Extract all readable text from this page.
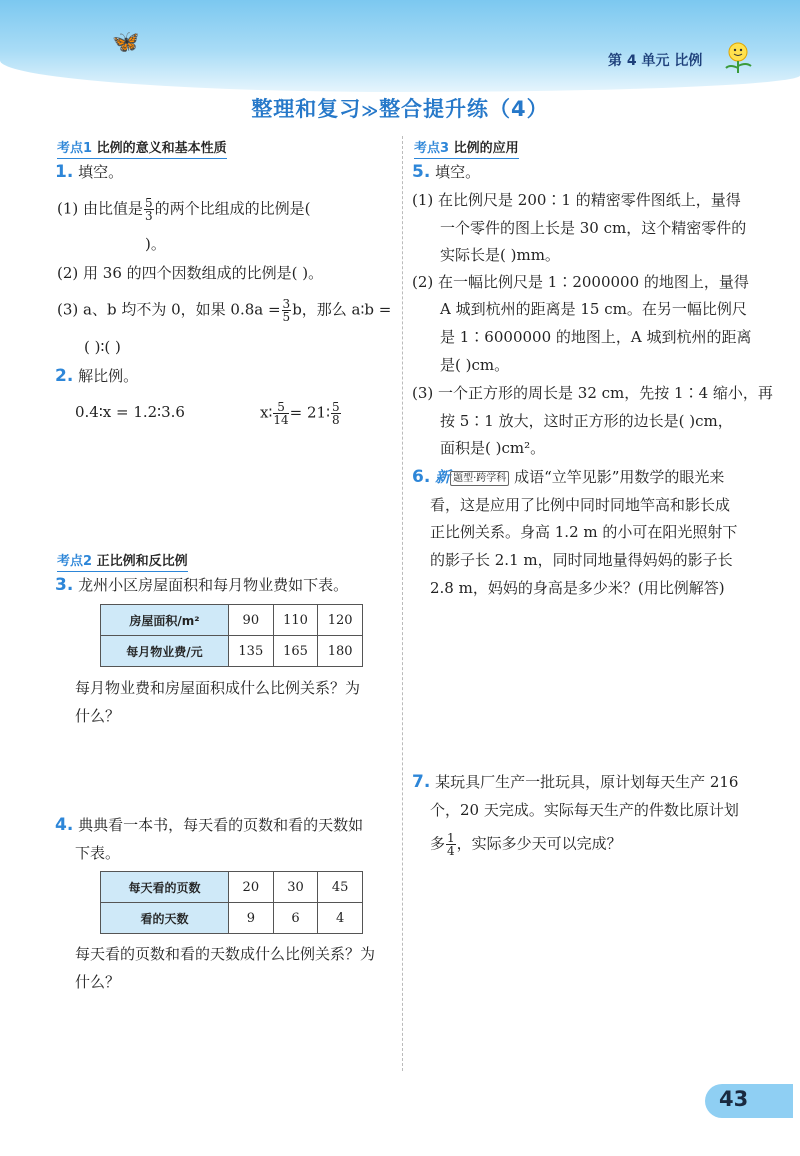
🦋
第 4 单元 比例
整理和复习≫整合提升练（4）
考点1 比例的意义和基本性质
1. 填空。
(1) 由比值是 $\frac{5}{3}$ 的两个比组成的比例是(
)。
(2) 用 36 的四个因数组成的比例是( )。
(3) a、b 均不为 0，如果 $0.8a = \frac{3}{5}$ b，那么 a∶b =
( )∶( )
2. 解比例。
0.4∶x = 1.2∶3.6	x∶ $\frac{5}{14}$ = 21∶ $\frac{5}{8}$
考点2 正比例和反比例
3. 龙州小区房屋面积和每月物业费如下表。
房屋面积/m²	90	110	120
每月物业费/元	135	165	180
每月物业费和房屋面积成什么比例关系？为
什么？
4. 典典看一本书，每天看的页数和看的天数如
下表。
每天看的页数	20	30	45
看的天数	9	6	4
每天看的页数和看的天数成什么比例关系？为
什么？
考点3 比例的应用
5. 填空。
(1) 在比例尺是 200∶1 的精密零件图纸上，量得
一个零件的图上长是 30 cm，这个精密零件的
实际长是( )mm。
(2) 在一幅比例尺是 1∶2000000 的地图上，量得
A 城到杭州的距离是 15 cm。在另一幅比例尺
是 1∶6000000 的地图上，A 城到杭州的距离
是( )cm。
(3) 一个正方形的周长是 32 cm，先按 1∶4 缩小，再
按 5∶1 放大，这时正方形的边长是( )cm，
面积是( )cm²。
6. 新 题型·跨学科 成语“立竿见影”用数学的眼光来
看，这是应用了比例中同时同地竿高和影长成
正比例关系。身高 1.2 m 的小可在阳光照射下
的影子长 2.1 m，同时同地量得妈妈的影子长
2.8 m，妈妈的身高是多少米？(用比例解答)
7. 某玩具厂生产一批玩具，原计划每天生产 216
个，20 天完成。实际每天生产的件数比原计划
多 $\frac{1}{4}$ ，实际多少天可以完成？
43
